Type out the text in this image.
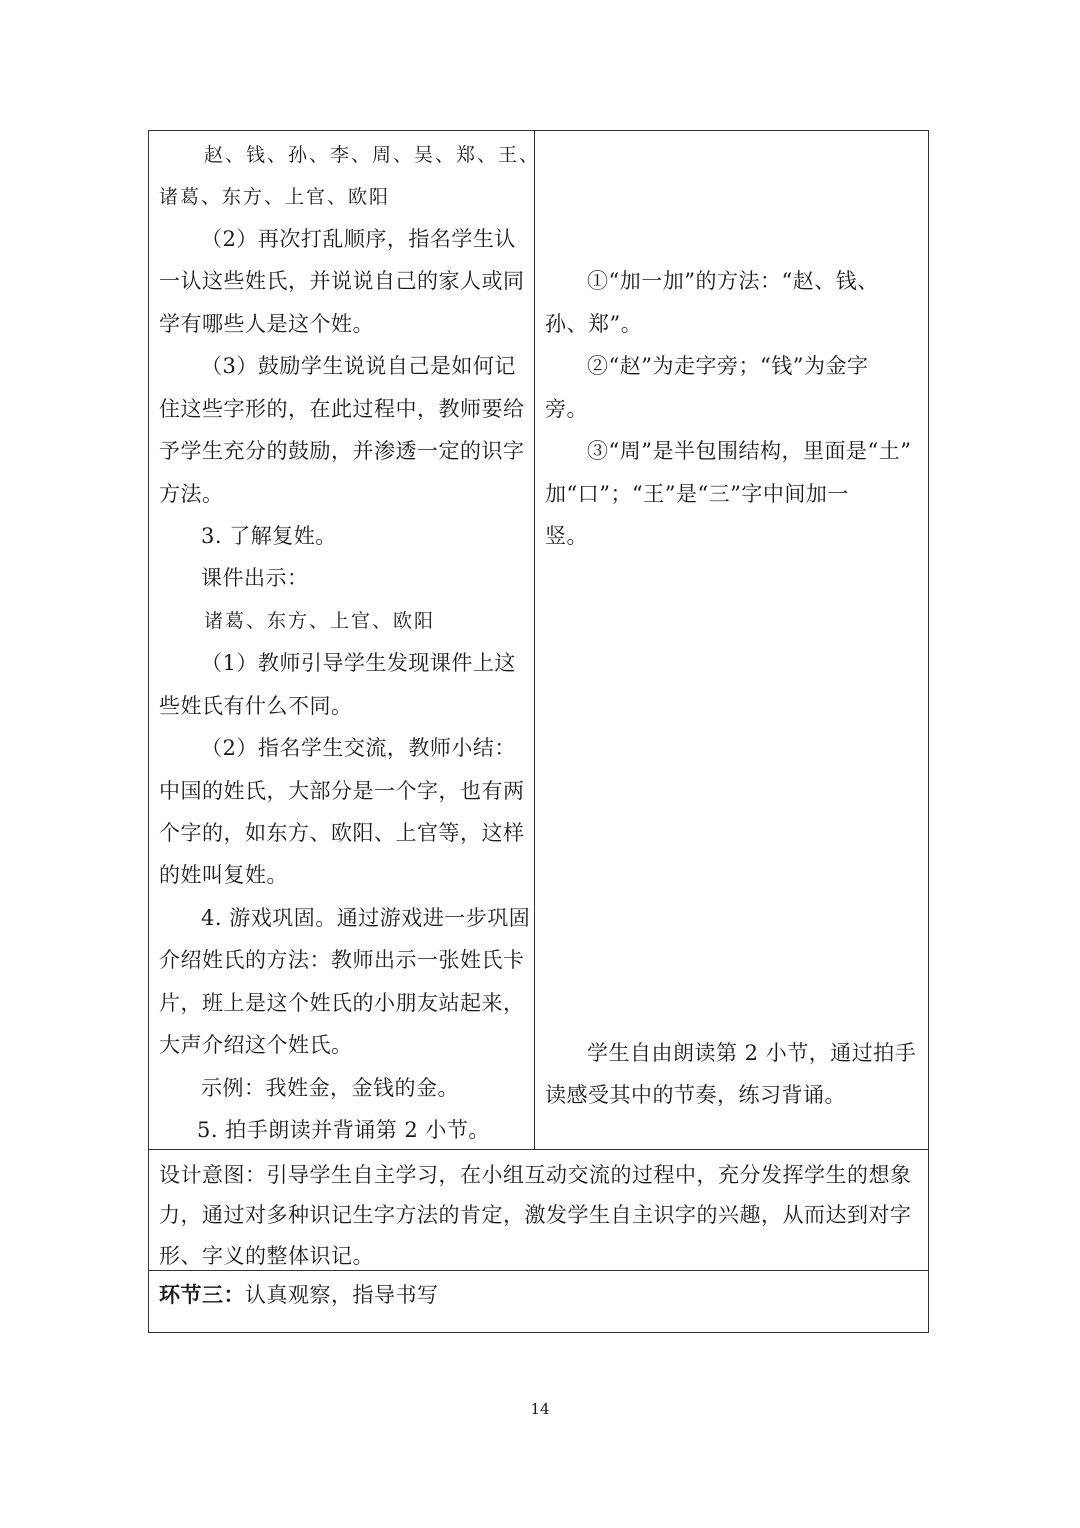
赵、钱、孙、李、周、吴、郑、王、
诸葛、东方、上官、欧阳
（2）再次打乱顺序，指名学生认
一认这些姓氏，并说说自己的家人或同
学有哪些人是这个姓。
（3）鼓励学生说说自己是如何记
住这些字形的，在此过程中，教师要给
予学生充分的鼓励，并渗透一定的识字
方法。
3. 了解复姓。
课件出示：
诸葛、东方、上官、欧阳
（1）教师引导学生发现课件上这
些姓氏有什么不同。
（2）指名学生交流，教师小结：
中国的姓氏，大部分是一个字，也有两
个字的，如东方、欧阳、上官等，这样
的姓叫复姓。
4. 游戏巩固。通过游戏进一步巩固
介绍姓氏的方法：教师出示一张姓氏卡
片，班上是这个姓氏的小朋友站起来，
大声介绍这个姓氏。
示例：我姓金，金钱的金。
5. 拍手朗读并背诵第 2 小节。
①“加一加”的方法：“赵、钱、
孙、郑”。
②“赵”为走字旁；“钱”为金字
旁。
③“周”是半包围结构，里面是“土”
加“口”；“王”是“三”字中间加一
竖。
学生自由朗读第 2 小节，通过拍手
读感受其中的节奏，练习背诵。
设计意图：引导学生自主学习，在小组互动交流的过程中，充分发挥学生的想象
力，通过对多种识记生字方法的肯定，激发学生自主识字的兴趣，从而达到对字
形、字义的整体识记。
环节三：认真观察，指导书写
14
